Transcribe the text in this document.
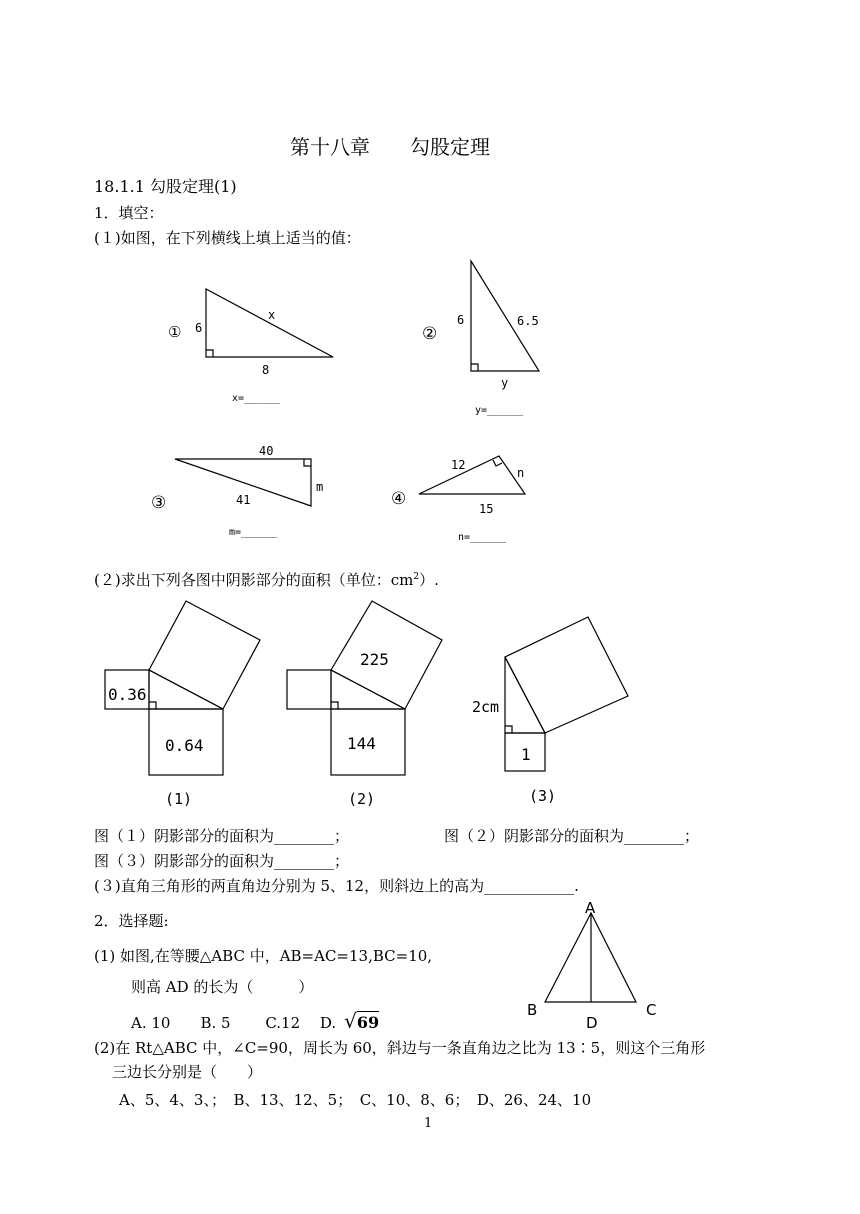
第十八章　　勾股定理
18.1.1 勾股定理(1)
1．填空：
(１)如图，在下列横线上填上适当的值：
① 6
x
8
x=______
②
6	6.5
y
y=______
③
40
m
41
m=______
④
12
n
15
n=______
(２)求出下列各图中阴影部分的面积（单位：$cm^2$）.
0.36
0.64
(1)
225
144
(2)
2cm
1
(3)
图（１）阴影部分的面积为________；	图（２）阴影部分的面积为________；
图（３）阴影部分的面积为________；
(３)直角三角形的两直角边分别为 5、12，则斜边上的高为____________.
2．选择题:
(1) 如图,在等腰△ABC 中，AB=AC=13,BC=10,
则高 AD 的长为（　　　）
A. 10　　B. 5　　 C.12　 D. √69
A
B	C
D
(2)在 Rt△ABC 中，∠C=90，周长为 60，斜边与一条直角边之比为 13∶5，则这个三角形
三边长分别是（　　）
A、5、4、3、；　B、13、12、5；　C、10、8、6；　D、26、24、10
1
